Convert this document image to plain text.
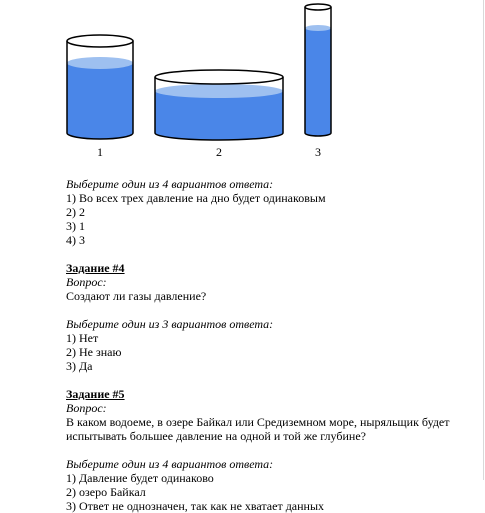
1	2	3

Выберите один из 4 вариантов ответа:

1) Во всех трех давление на дно будет одинаковым

2) 2

3) 1

4) 3

Задание #4

Вопрос:

Создают ли газы давление?

Выберите один из 3 вариантов ответа:

1) Нет

2) Не знаю

3) Да

Задание #5

Вопрос:

В каком водоеме, в озере Байкал или Средиземном море, ныряльщик будет

испытывать большее давление на одной и той же глубине?

Выберите один из 4 вариантов ответа:

1) Давление будет одинаково

2) озеро Байкал

3) Ответ не однозначен, так как не хватает данных
